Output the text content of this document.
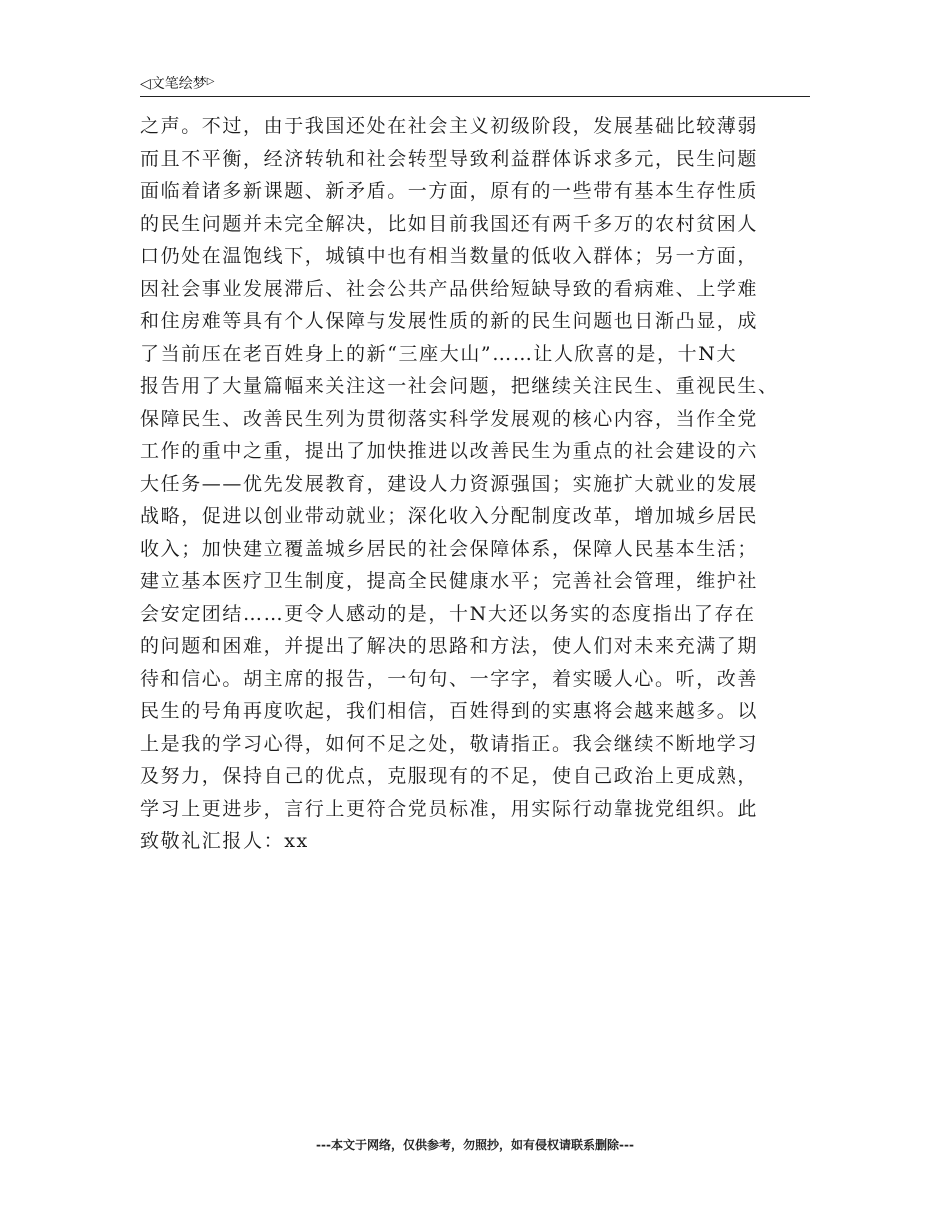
◁文笔绘梦▷
之声。不过，由于我国还处在社会主义初级阶段，发展基础比较薄弱
而且不平衡，经济转轨和社会转型导致利益群体诉求多元，民生问题
面临着诸多新课题、新矛盾。一方面，原有的一些带有基本生存性质
的民生问题并未完全解决，比如目前我国还有两千多万的农村贫困人
口仍处在温饱线下，城镇中也有相当数量的低收入群体；另一方面，
因社会事业发展滞后、社会公共产品供给短缺导致的看病难、上学难
和住房难等具有个人保障与发展性质的新的民生问题也日渐凸显，成
了当前压在老百姓身上的新“三座大山”……让人欣喜的是，十N大
报告用了大量篇幅来关注这一社会问题，把继续关注民生、重视民生、
保障民生、改善民生列为贯彻落实科学发展观的核心内容，当作全党
工作的重中之重，提出了加快推进以改善民生为重点的社会建设的六
大任务——优先发展教育，建设人力资源强国；实施扩大就业的发展
战略，促进以创业带动就业；深化收入分配制度改革，增加城乡居民
收入；加快建立覆盖城乡居民的社会保障体系，保障人民基本生活；
建立基本医疗卫生制度，提高全民健康水平；完善社会管理，维护社
会安定团结……更令人感动的是，十N大还以务实的态度指出了存在
的问题和困难，并提出了解决的思路和方法，使人们对未来充满了期
待和信心。胡主席的报告，一句句、一字字，着实暖人心。听，改善
民生的号角再度吹起，我们相信，百姓得到的实惠将会越来越多。以
上是我的学习心得，如何不足之处，敬请指正。我会继续不断地学习
及努力，保持自己的优点，克服现有的不足，使自己政治上更成熟，
学习上更进步，言行上更符合党员标准，用实际行动靠拢党组织。此
致敬礼汇报人：xx
---本文于网络，仅供参考，勿照抄，如有侵权请联系删除---
